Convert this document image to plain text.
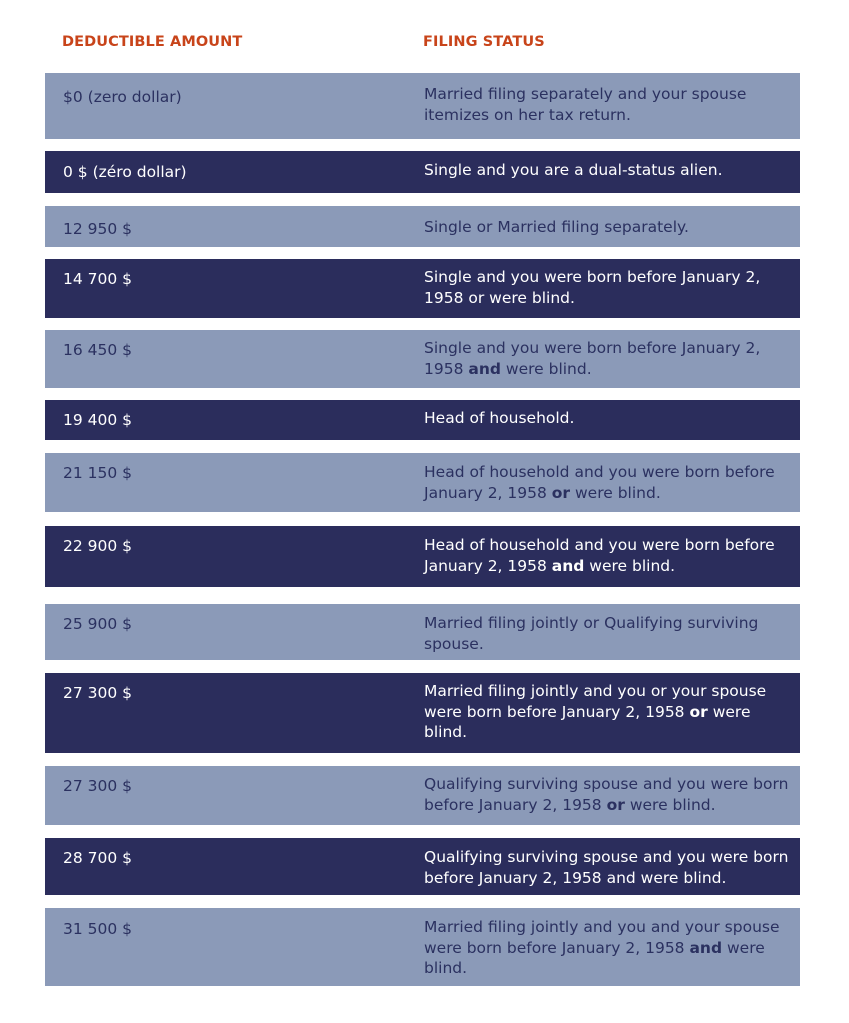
DEDUCTIBLE AMOUNT	FILING STATUS
$0 (zero dollar)	Married filing separately and your spouse itemizes on her tax return.
0 $ (zéro dollar)	Single and you are a dual-status alien.
12 950 $	Single or Married filing separately.
14 700 $	Single and you were born before January 2, 1958 or were blind.
16 450 $	Single and you were born before January 2, 1958 and were blind.
19 400 $	Head of household.
21 150 $	Head of household and you were born before January 2, 1958 or were blind.
22 900 $	Head of household and you were born before January 2, 1958 and were blind.
25 900 $	Married filing jointly or Qualifying surviving spouse.
27 300 $	Married filing jointly and you or your spouse were born before January 2, 1958 or were blind.
27 300 $	Qualifying surviving spouse and you were born before January 2, 1958 or were blind.
28 700 $	Qualifying surviving spouse and you were born before January 2, 1958 and were blind.
31 500 $	Married filing jointly and you and your spouse were born before January 2, 1958 and were blind.
